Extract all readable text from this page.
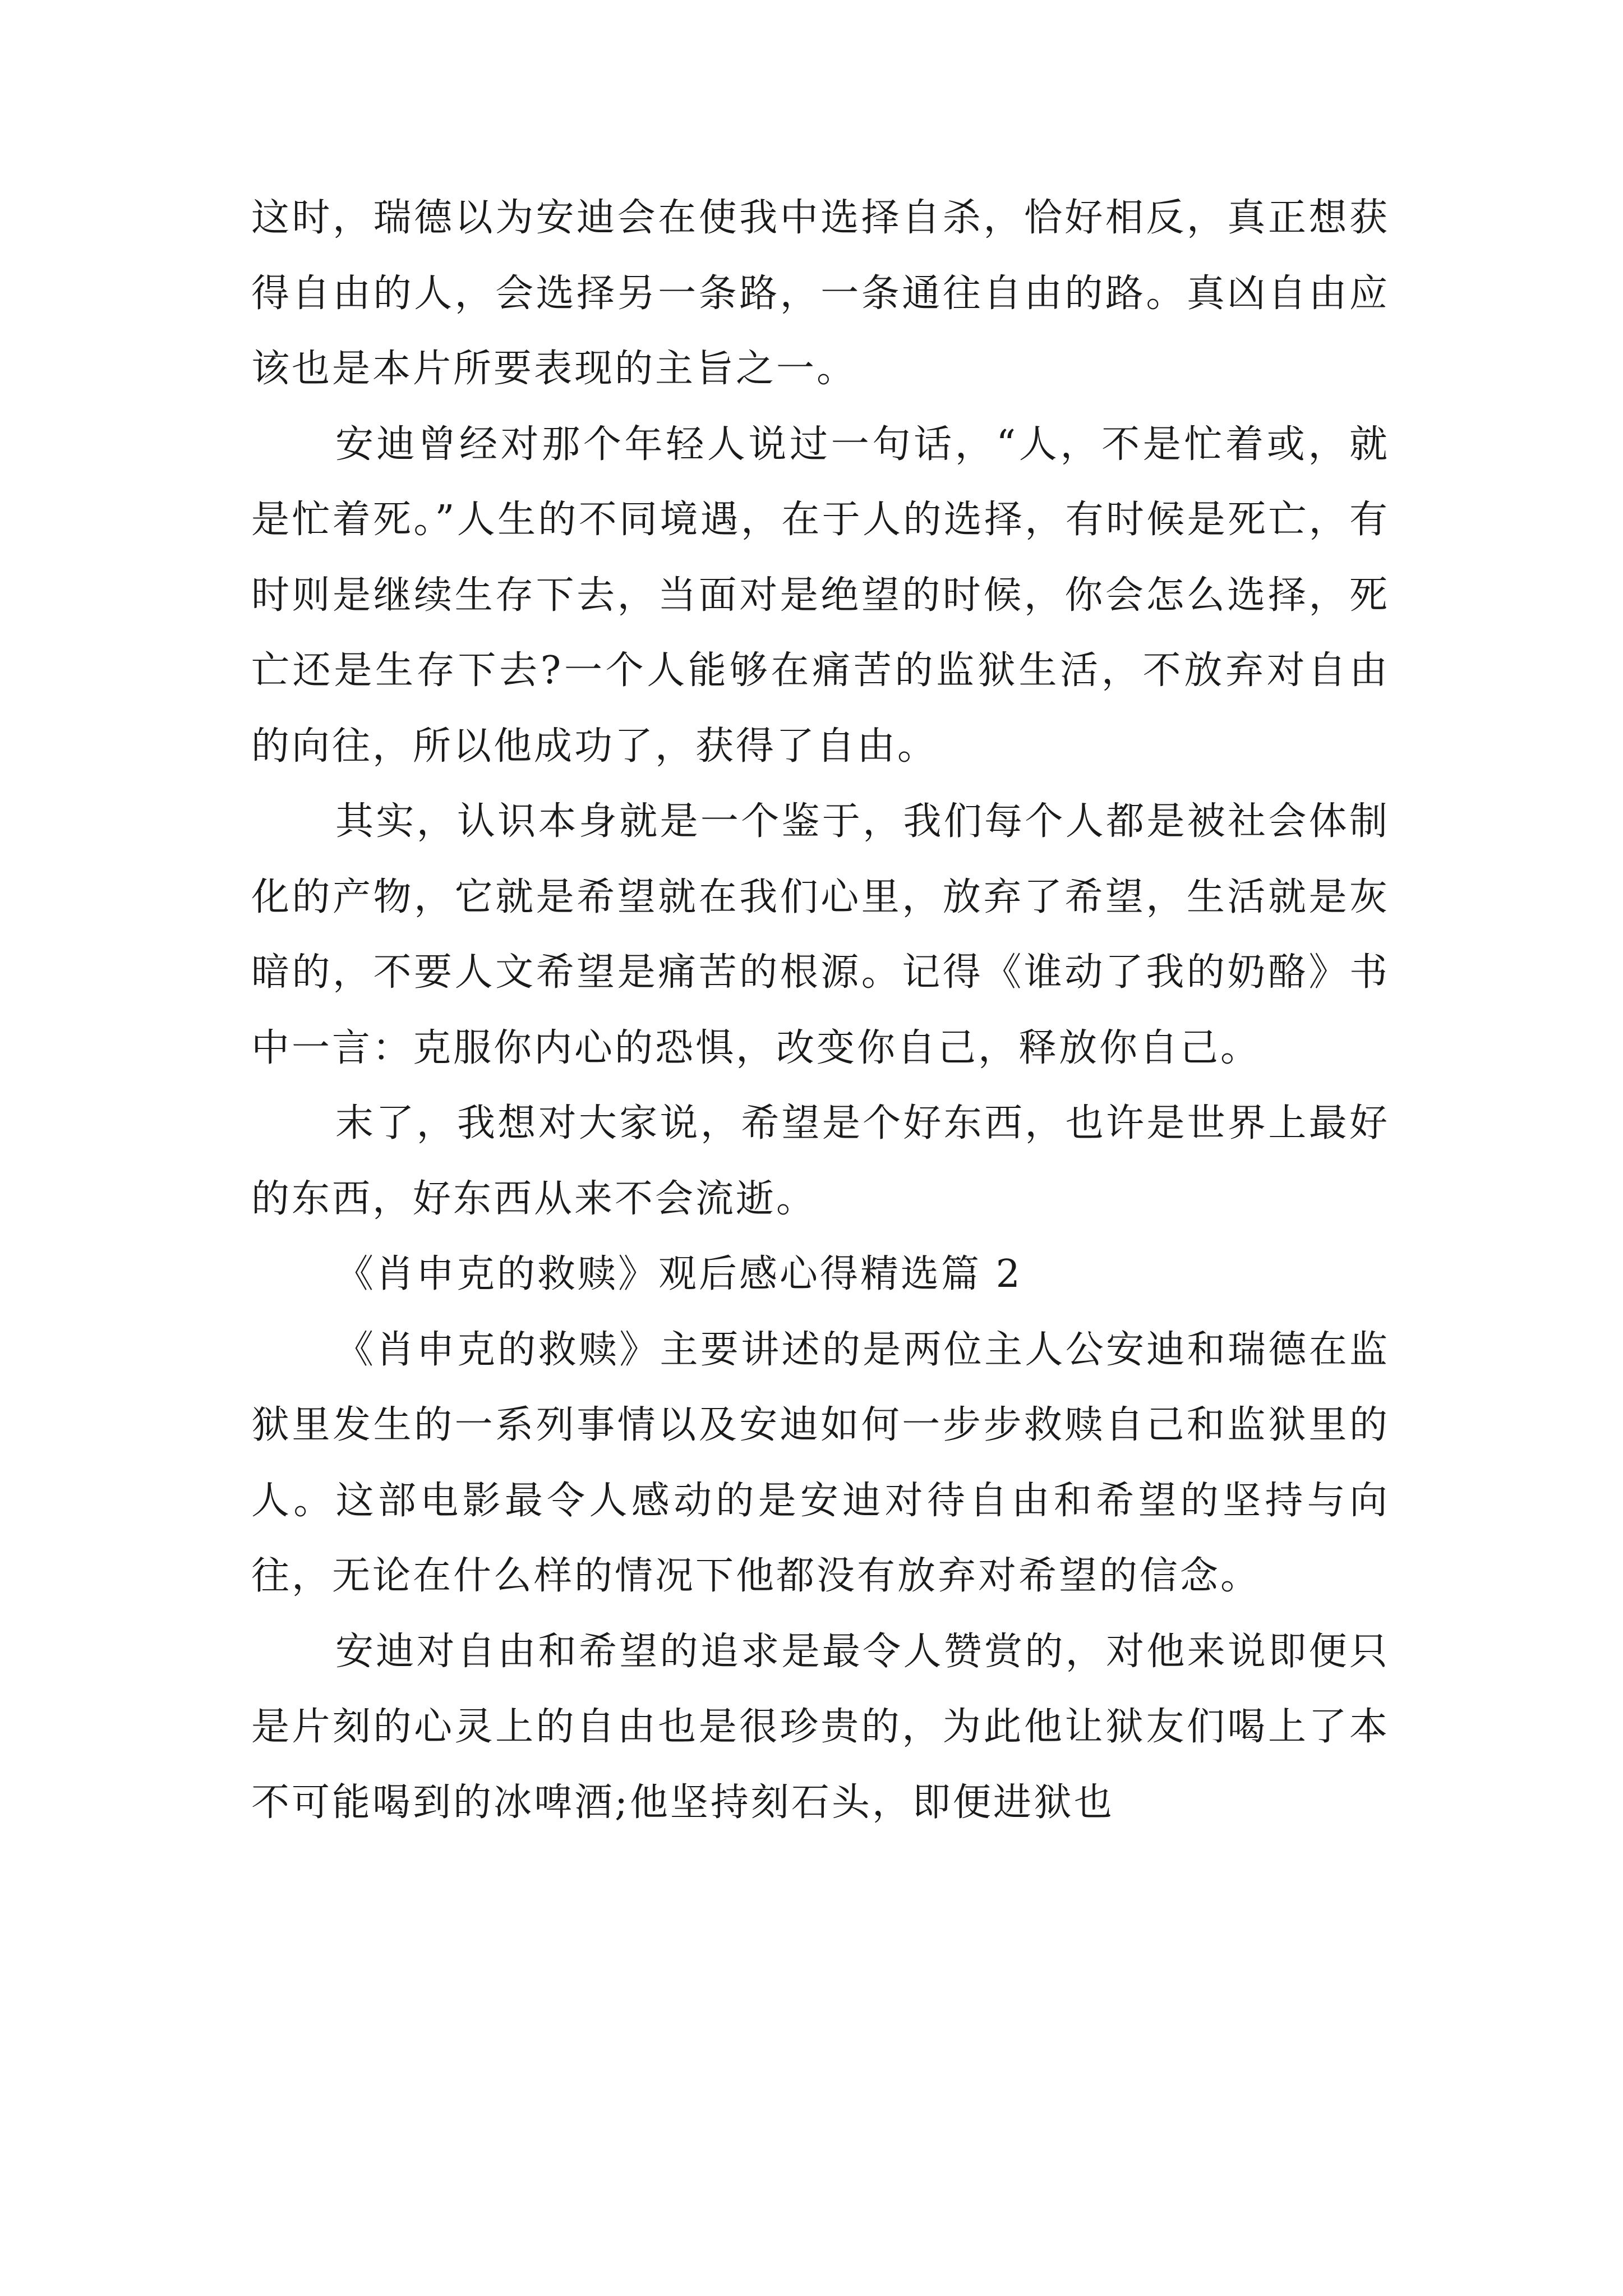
这时，瑞德以为安迪会在使我中选择自杀，恰好相反，真正想获得自由的人，会选择另一条路，一条通往自由的路。真凶自由应该也是本片所要表现的主旨之一。

安迪曾经对那个年轻人说过一句话，“人，不是忙着或，就是忙着死。”人生的不同境遇，在于人的选择，有时候是死亡，有时则是继续生存下去，当面对是绝望的时候，你会怎么选择，死亡还是生存下去?一个人能够在痛苦的监狱生活，不放弃对自由的向往，所以他成功了，获得了自由。

其实，认识本身就是一个鉴于，我们每个人都是被社会体制化的产物，它就是希望就在我们心里，放弃了希望，生活就是灰暗的，不要人文希望是痛苦的根源。记得《谁动了我的奶酪》书中一言：克服你内心的恐惧，改变你自己，释放你自己。

末了，我想对大家说，希望是个好东西，也许是世界上最好的东西，好东西从来不会流逝。

《肖申克的救赎》观后感心得精选篇 2

《肖申克的救赎》主要讲述的是两位主人公安迪和瑞德在监狱里发生的一系列事情以及安迪如何一步步救赎自己和监狱里的人。这部电影最令人感动的是安迪对待自由和希望的坚持与向往，无论在什么样的情况下他都没有放弃对希望的信念。

安迪对自由和希望的追求是最令人赞赏的，对他来说即便只是片刻的心灵上的自由也是很珍贵的，为此他让狱友们喝上了本不可能喝到的冰啤酒;他坚持刻石头，即便进狱也
